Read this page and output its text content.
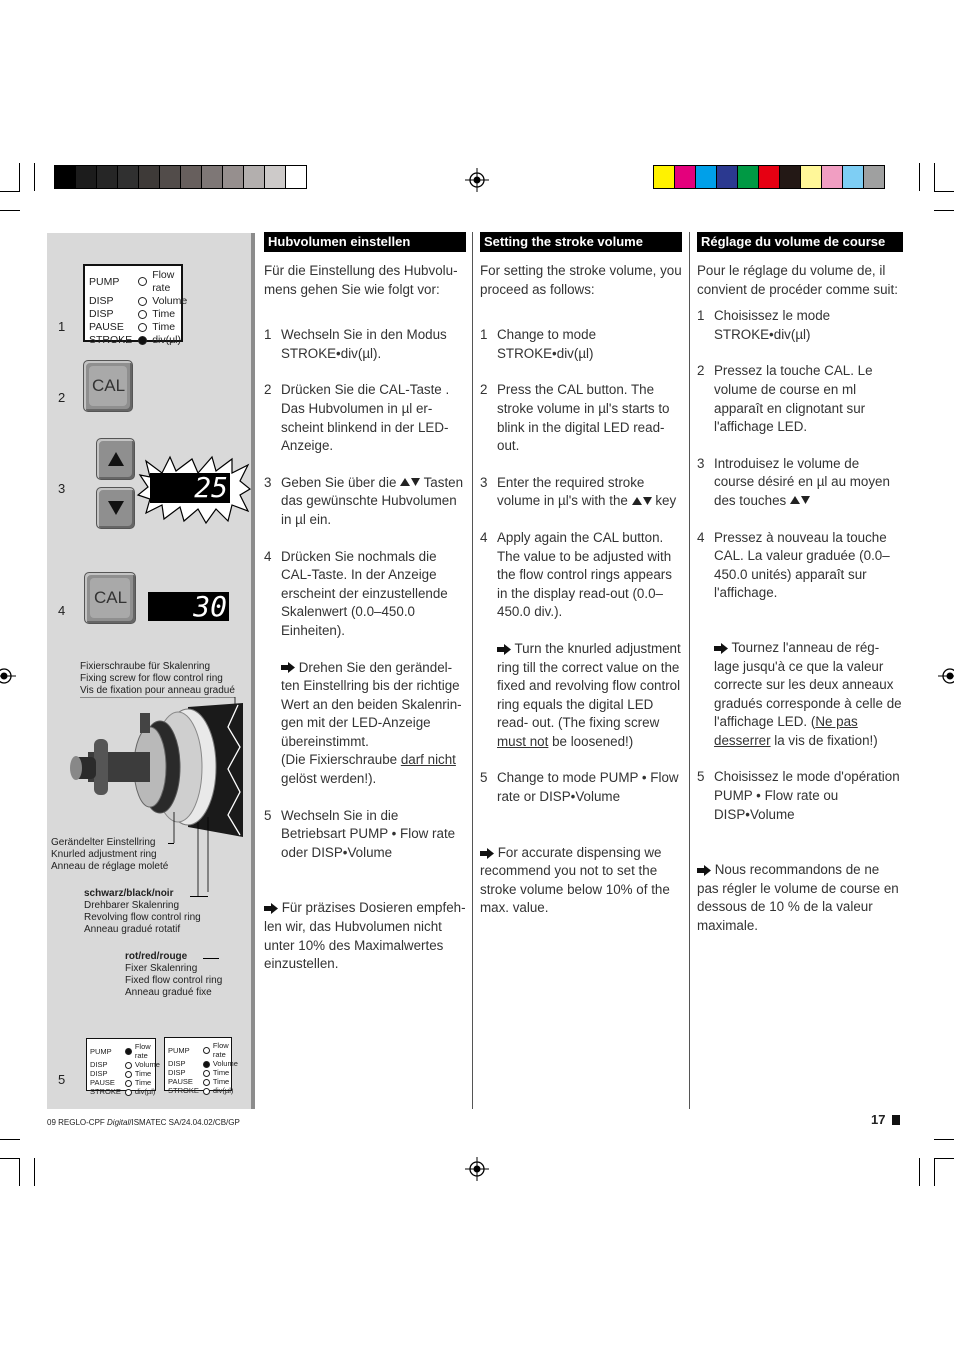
1
PUMP		Flow rate
DISP		Volume
DISP		Time
PAUSE		Time
STROKE		div(µl)
2
CAL
3	25
4
CAL	30
Fixierschraube für Skalenring
Fixing screw for flow control ring
Vis de fixation pour anneau gradué
Gerändelter Einstellring
Knurled adjustment ring
Anneau de réglage moleté
schwarz/black/noir
Drehbarer Skalenring
Revolving flow control ring
Anneau gradué rotatif
rot/red/rouge
Fixer Skalenring
Fixed flow control ring
Anneau gradué fixe
5
PUMP		Flow rate
DISP		Volume
DISP		Time
PAUSE		Time
STROKE		div(µl)
PUMP		Flow rate
DISP		Volume
DISP		Time
PAUSE		Time
STROKE		div(µl)
Hubvolumen einstellen
Für die Einstellung des Hubvolu- mens gehen Sie wie folgt vor:
1 Wechseln Sie in den Modus STROKE•div(µl).
2 Drücken Sie die CAL-Taste . Das Hubvolumen in µl er- scheint blinkend in der LED- Anzeige.
3 Geben Sie über die Tasten das gewünschte Hubvolumen in µl ein.
4 Drücken Sie nochmals die CAL-Taste. In der Anzeige erscheint der einzustellende Skalenwert (0.0–450.0 Einheiten).
Drehen Sie den gerändel- ten Einstellring bis der richtige Wert an den beiden Skalenrin- gen mit der LED-Anzeige übereinstimmt.
(Die Fixierschraube darf nicht gelöst werden!).
5 Wechseln Sie in die Betriebsart PUMP • Flow rate oder DISP•Volume
Für präzises Dosieren empfeh- len wir, das Hubvolumen nicht unter 10% des Maximalwertes einzustellen.
Setting the stroke volume
For setting the stroke volume, you proceed as follows:
1 Change to mode STROKE•div(µl)
2 Press the CAL button. The stroke volume in µl's starts to blink in the digital LED read- out.
3 Enter the required stroke volume in µl's with the key
4 Apply again the CAL button. The value to be adjusted with the flow control rings appears in the display read-out (0.0–450.0 div.).
Turn the knurled adjustment ring till the correct value on the fixed and revolving flow control ring equals the digital LED read- out. (The fixing screw must not be loosened!)
5 Change to mode PUMP • Flow rate or DISP•Volume
For accurate dispensing we recommend you not to set the stroke volume below 10% of the max. value.
Réglage du volume de course
Pour le réglage du volume de, il convient de procéder comme suit:
1 Choisissez le mode STROKE•div(µl)
2 Pressez la touche CAL. Le volume de course en ml apparaît en clignotant sur l'affichage LED.
3 Introduisez le volume de course désiré en µl au moyen des touches
4 Pressez à nouveau la touche CAL. La valeur graduée (0.0–450.0 unités) apparaît sur l'affichage.
Tournez l'anneau de rég- lage jusqu'à ce que la valeur correcte sur les deux anneaux gradués corresponde à celle de l'affichage LED. (Ne pas desserrer la vis de fixation!)
5 Choisissez le mode d'opération PUMP • Flow rate ou DISP•Volume
Nous recommandons de ne pas régler le volume de course en dessous de 10 % de la valeur maximale.
09 REGLO-CPF Digital/ISMATEC SA/24.04.02/CB/GP	17
